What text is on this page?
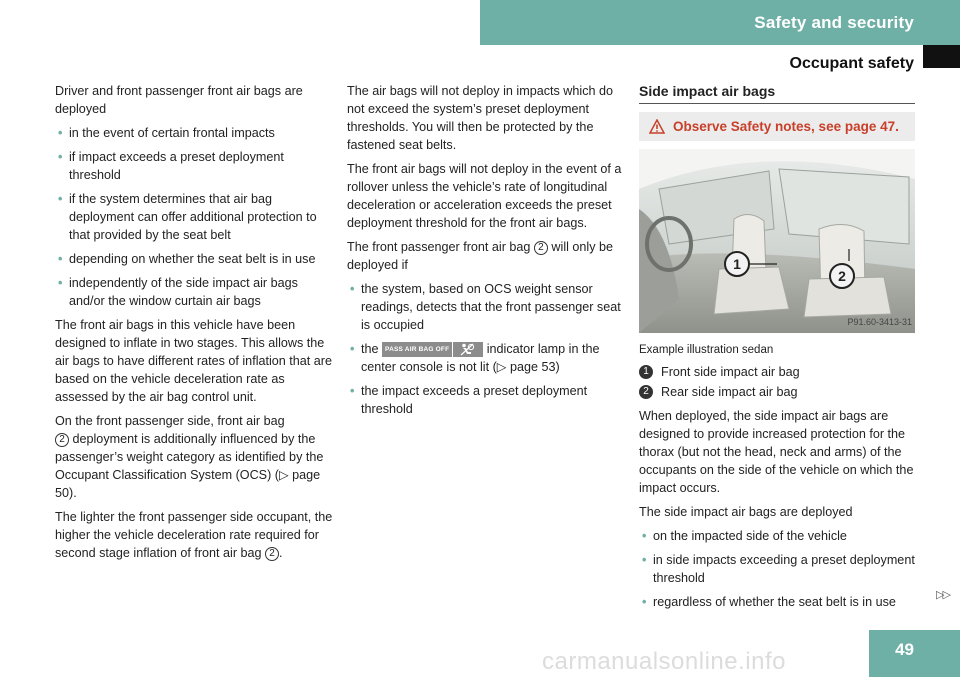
Safety and security
Occupant safety

Driver and front passenger front air bags are deployed

• in the event of certain frontal impacts
• if impact exceeds a preset deployment threshold
• if the system determines that air bag deployment can offer additional protection to that provided by the seat belt
• depending on whether the seat belt is in use
• independently of the side impact air bags and/or the window curtain air bags

The front air bags in this vehicle have been designed to inflate in two stages. This allows the air bags to have different rates of inflation that are based on the vehicle deceleration rate as assessed by the air bag control unit.

On the front passenger side, front air bag
2 deployment is additionally influenced by the passenger’s weight category as identified by the Occupant Classification System (OCS) (▷ page 50).

The lighter the front passenger side occupant, the higher the vehicle deceleration rate required for second stage inflation of front air bag 2 .

The air bags will not deploy in impacts which do not exceed the system’s preset deployment thresholds. You will then be protected by the fastened seat belts.

The front air bags will not deploy in the event of a rollover unless the vehicle’s rate of longitudinal deceleration or acceleration exceeds the preset deployment threshold for the front air bags.

The front passenger front air bag 2 will only be deployed if

• the system, based on OCS weight sensor readings, detects that the front passenger seat is occupied
• the PASS AIR BAG OFF	indicator lamp in the center console is not lit (▷ page 53)
• the impact exceeds a preset deployment threshold
Side impact air bags
Observe Safety notes, see page 47.
1
2
P91.60-3413-31
Example illustration sedan
1 Front side impact air bag
2 Rear side impact air bag

When deployed, the side impact air bags are designed to provide increased protection for the thorax (but not the head, neck and arms) of the occupants on the side of the vehicle on which the impact occurs.

The side impact air bags are deployed

• on the impacted side of the vehicle
• in side impacts exceeding a preset deployment threshold
• regardless of whether the seat belt is in use	▷▷
49
carmanualsonline.info
